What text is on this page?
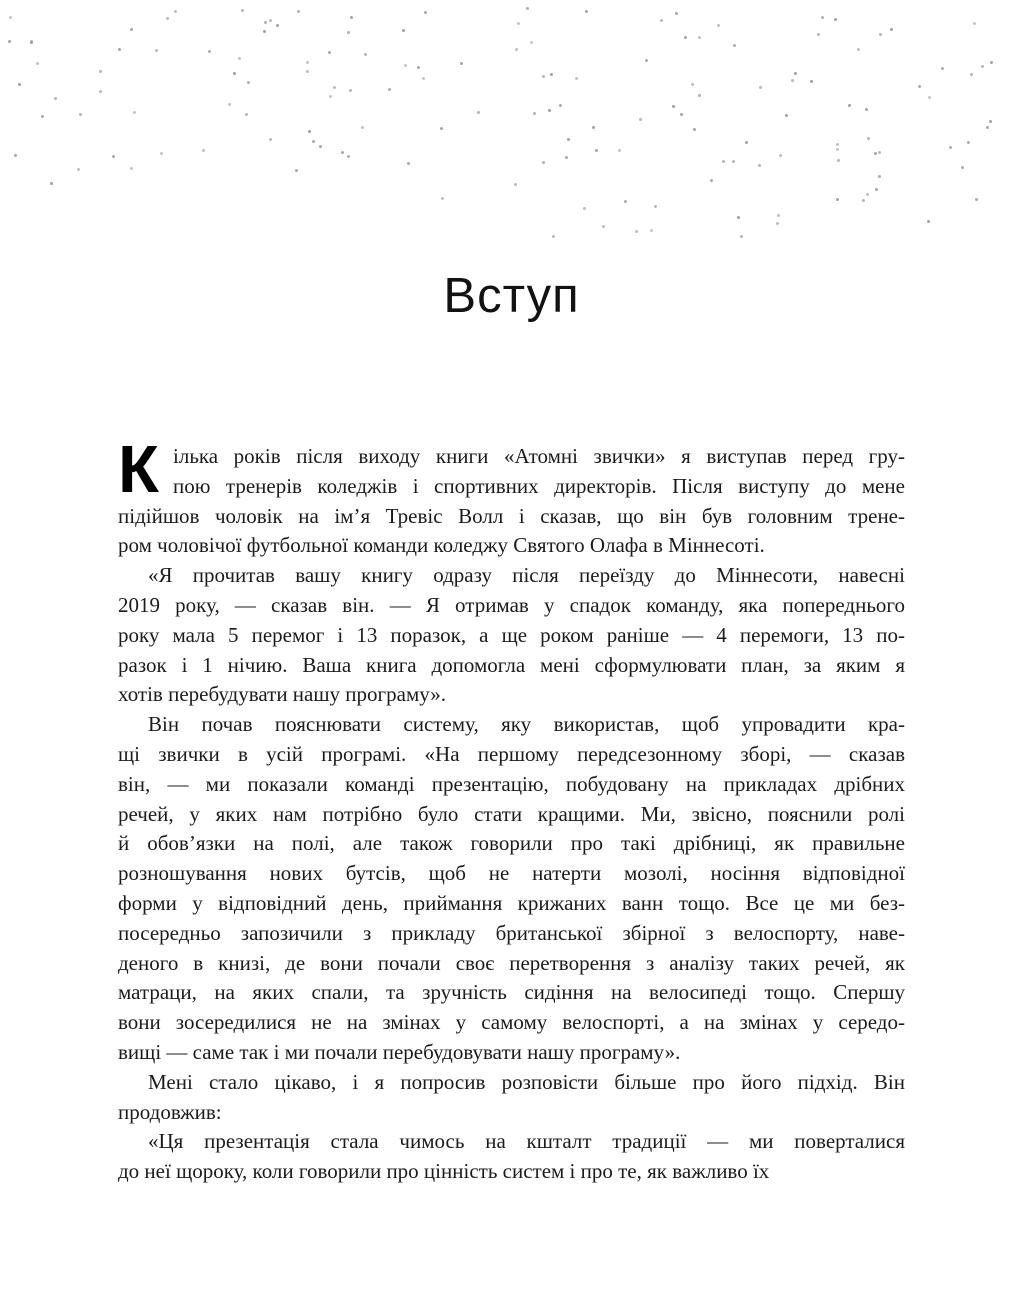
Вступ
К ілька років після виходу книги «Атомні звички» я виступав перед гру-
пою тренерів коледжів і спортивних директорів. Після виступу до мене
підійшов чоловік на ім’я Тревіс Волл і сказав, що він був головним трене-
ром чоловічої футбольної команди коледжу Святого Олафа в Міннесоті.
«Я прочитав вашу книгу одразу після переїзду до Міннесоти, навесні
2019 року, — сказав він. — Я отримав у спадок команду, яка попереднього
року мала 5 перемог і 13 поразок, а ще роком раніше — 4 перемоги, 13 по-
разок і 1 нічию. Ваша книга допомогла мені сформулювати план, за яким я
хотів перебудувати нашу програму».
Він почав пояснювати систему, яку використав, щоб упровадити кра-
щі звички в усій програмі. «На першому передсезонному зборі, — сказав
він, — ми показали команді презентацію, побудовану на прикладах дрібних
речей, у яких нам потрібно було стати кращими. Ми, звісно, пояснили ролі
й обов’язки на полі, але також говорили про такі дрібниці, як правильне
розношування нових бутсів, щоб не натерти мозолі, носіння відповідної
форми у відповідний день, приймання крижаних ванн тощо. Все це ми без-
посередньо запозичили з прикладу британської збірної з велоспорту, наве-
деного в книзі, де вони почали своє перетворення з аналізу таких речей, як
матраци, на яких спали, та зручність сидіння на велосипеді тощо. Спершу
вони зосередилися не на змінах у самому велоспорті, а на змінах у середо-
вищі — саме так і ми почали перебудовувати нашу програму».
Мені стало цікаво, і я попросив розповісти більше про його підхід. Він
продовжив:
«Ця презентація стала чимось на кшталт традиції — ми поверталися
до неї щороку, коли говорили про цінність систем і про те, як важливо їх
